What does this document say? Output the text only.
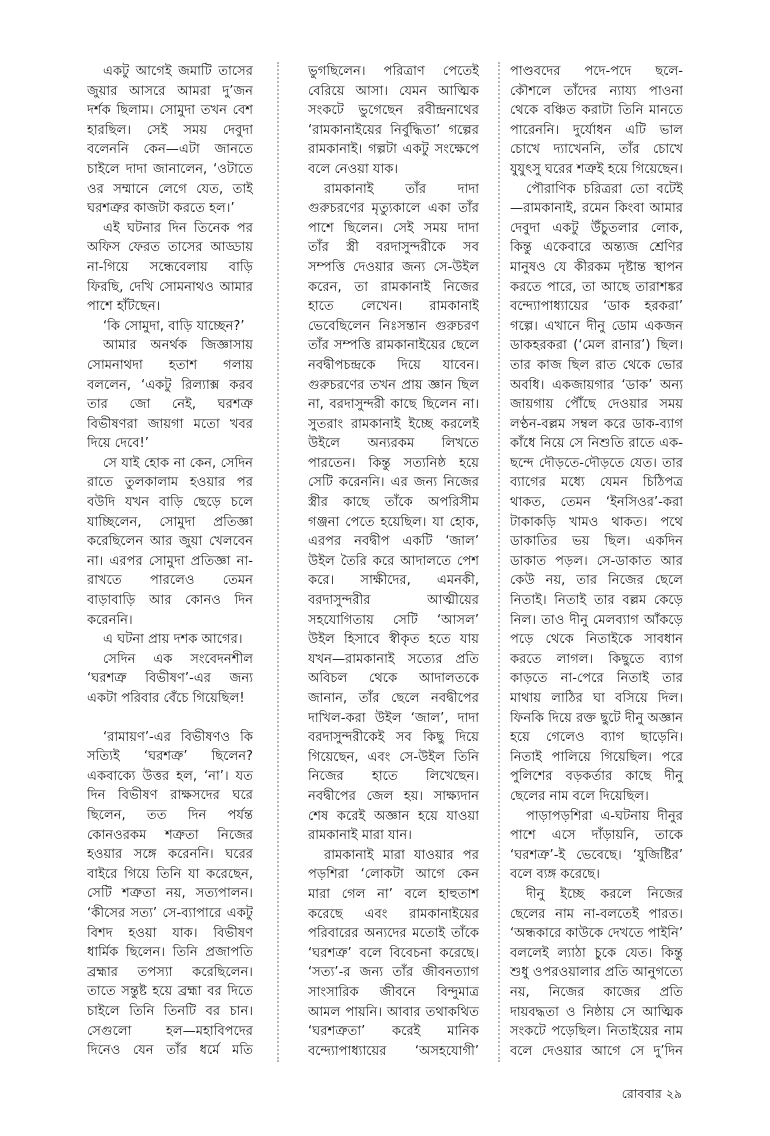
একটু আগেই জমাটি তাসের জুয়ার আসরে আমরা দু’জন দর্শক ছিলাম। সোমুদা তখন বেশ হারছিল। সেই সময় দেবুদা বলেননি কেন—এটা জানতে চাইলে দাদা জানালেন, ‘ওটাতে ওর সম্মানে লেগে যেত, তাই ঘরশত্রুর কাজটা করতে হল।’

এই ঘটনার দিন তিনেক পর অফিস ফেরত তাসের আড্ডায় না-গিয়ে সন্ধেবেলায় বাড়ি ফিরছি, দেখি সোমনাথও আমার পাশে হাঁটছেন।

‘কি সোমুদা, বাড়ি যাচ্ছেন?’

আমার অনর্থক জিজ্ঞাসায় সোমনাথদা হতাশ গলায় বললেন, ‘একটু রিল্যাক্স করব তার জো নেই, ঘরশত্রু বিভীষণরা জায়গা মতো খবর দিয়ে দেবে!’

সে যাই হোক না কেন, সেদিন রাতে তুলকালাম হওয়ার পর বউদি যখন বাড়ি ছেড়ে চলে যাচ্ছিলেন, সোমুদা প্রতিজ্ঞা করেছিলেন আর জুয়া খেলবেন না। এরপর সোমুদা প্রতিজ্ঞা না-রাখতে পারলেও তেমন বাড়াবাড়ি আর কোনও দিন করেননি।

এ ঘটনা প্রায় দশক আগের।

সেদিন এক সংবেদনশীল ‘ঘরশত্রু বিভীষণ’-এর জন্য একটা পরিবার বেঁচে গিয়েছিল!

‘রামায়ণ’-এর বিভীষণও কি সত্যিই ‘ঘরশত্রু’ ছিলেন? একবাক্যে উত্তর হল, ‘না’। যত দিন বিভীষণ রাক্ষসদের ঘরে ছিলেন, তত দিন পর্যন্ত কোনওরকম শত্রুতা নিজের হওয়ার সঙ্গে করেননি। ঘরের বাইরে গিয়ে তিনি যা করেছেন, সেটি শত্রুতা নয়, সত্যপালন। ‘কীসের সত্য’ সে-ব্যাপারে একটু বিশদ হওয়া যাক। বিভীষণ ধার্মিক ছিলেন। তিনি প্রজাপতি ব্রহ্মার তপস্যা করেছিলেন। তাতে সন্তুষ্ট হয়ে ব্রহ্মা বর দিতে চাইলে তিনি তিনটি বর চান। সেগুলো হল—মহাবিপদের দিনেও যেন তাঁর ধর্মে মতি

ভুগছিলেন। পরিত্রাণ পেতেই বেরিয়ে আসা। যেমন আত্মিক সংকটে ভুগেছেন রবীন্দ্রনাথের ‘রামকানাইয়ের নির্বুদ্ধিতা’ গল্পের রামকানাই। গল্পটা একটু সংক্ষেপে বলে নেওয়া যাক।

রামকানাই তাঁর দাদা গুরুচরণের মৃত্যুকালে একা তাঁর পাশে ছিলেন। সেই সময় দাদা তাঁর স্ত্রী বরদাসুন্দরীকে সব সম্পত্তি দেওয়ার জন্য সে-উইল করেন, তা রামকানাই নিজের হাতে লেখেন। রামকানাই ভেবেছিলেন নিঃসন্তান গুরুচরণ তাঁর সম্পত্তি রামকানাইয়ের ছেলে নবদ্বীপচন্দ্রকে দিয়ে যাবেন। গুরুচরণের তখন প্রায় জ্ঞান ছিল না, বরদাসুন্দরী কাছে ছিলেন না। সুতরাং রামকানাই ইচ্ছে করলেই উইলে অন্যরকম লিখতে পারতেন। কিন্তু সত্যনিষ্ঠ হয়ে সেটি করেননি। এর জন্য নিজের স্ত্রীর কাছে তাঁকে অপরিসীম গঞ্জনা পেতে হয়েছিল। যা হোক, এরপর নবদ্বীপ একটি ‘জাল’ উইল তৈরি করে আদালতে পেশ করে। সাক্ষীদের, এমনকী, বরদাসুন্দরীর আত্মীয়ের সহযোগিতায় সেটি ‘আসল’ উইল হিসাবে স্বীকৃত হতে যায় যখন—রামকানাই সত্যের প্রতি অবিচল থেকে আদালতকে জানান, তাঁর ছেলে নবদ্বীপের দাখিল-করা উইল ‘জাল’, দাদা বরদাসুন্দরীকেই সব কিছু দিয়ে গিয়েছেন, এবং সে-উইল তিনি নিজের হাতে লিখেছেন। নবদ্বীপের জেল হয়। সাক্ষ্যদান শেষ করেই অজ্ঞান হয়ে যাওয়া রামকানাই মারা যান।

রামকানাই মারা যাওয়ার পর পড়শিরা ‘লোকটা আগে কেন মারা গেল না’ বলে হাহুতাশ করেছে এবং রামকানাইয়ের পরিবারের অন্যদের মতোই তাঁকে ‘ঘরশত্রু’ বলে বিবেচনা করেছে। ‘সত্য’-র জন্য তাঁর জীবনত্যাগ সাংসারিক জীবনে বিন্দুমাত্র আমল পায়নি। আবার তথাকথিত ‘ঘরশত্রুতা’ করেই মানিক বন্দ্যোপাধ্যায়ের ‘অসহযোগী’

পাণ্ডবদের পদে-পদে ছলে-কৌশলে তাঁদের ন্যায্য পাওনা থেকে বঞ্চিত করাটা তিনি মানতে পারেননি। দুর্যোধন এটি ভাল চোখে দ্যাখেননি, তাঁর চোখে যুযুৎসু ঘরের শত্রুই হয়ে গিয়েছেন।

পৌরাণিক চরিত্ররা তো বটেই—রামকানাই, রমেন কিংবা আমার দেবুদা একটু উঁচুতলার লোক, কিন্তু একেবারে অন্ত্যজ শ্রেণির মানুষও যে কীরকম দৃষ্টান্ত স্থাপন করতে পারে, তা আছে তারাশঙ্কর বন্দ্যোপাধ্যায়ের ‘ডাক হরকরা’ গল্পে। এখানে দীনু ডোম একজন ডাকহরকরা (‘মেল রানার’) ছিল। তার কাজ ছিল রাত থেকে ভোর অবধি। একজায়গার ‘ডাক’ অন্য জায়গায় পৌঁছে দেওয়ার সময় লণ্ঠন-বল্লম সম্বল করে ডাক-ব্যাগ কাঁধে নিয়ে সে নিশুতি রাতে এক-ছন্দে দৌড়তে-দৌড়তে যেত। তার ব্যাগের মধ্যে যেমন চিঠিপত্র থাকত, তেমন ‘ইনসিওর’-করা টাকাকড়ি খামও থাকত। পথে ডাকাতির ভয় ছিল। একদিন ডাকাত পড়ল। সে-ডাকাত আর কেউ নয়, তার নিজের ছেলে নিতাই। নিতাই তার বল্লম কেড়ে নিল। তাও দীনু মেলব্যাগ আঁকড়ে পড়ে থেকে নিতাইকে সাবধান করতে লাগল। কিছুতে ব্যাগ কাড়তে না-পেরে নিতাই তার মাথায় লাঠির ঘা বসিয়ে দিল। ফিনকি দিয়ে রক্ত ছুটে দীনু অজ্ঞান হয়ে গেলেও ব্যাগ ছাড়েনি। নিতাই পালিয়ে গিয়েছিল। পরে পুলিশের বড়কর্তার কাছে দীনু ছেলের নাম বলে দিয়েছিল।

পাড়াপড়শিরা এ-ঘটনায় দীনুর পাশে এসে দাঁড়ায়নি, তাকে ‘ঘরশত্রু’-ই ভেবেছে। ‘যুজিষ্টির’ বলে ব্যঙ্গ করেছে।

দীনু ইচ্ছে করলে নিজের ছেলের নাম না-বলতেই পারত। ‘অন্ধকারে কাউকে দেখতে পাইনি’ বললেই ল্যাঠা চুকে যেত। কিন্তু শুধু ওপরওয়ালার প্রতি আনুগত্যে নয়, নিজের কাজের প্রতি দায়বদ্ধতা ও নিষ্ঠায় সে আত্মিক সংকটে পড়েছিল। নিতাইয়ের নাম বলে দেওয়ার আগে সে দু’দিন

রোববার ২৯
